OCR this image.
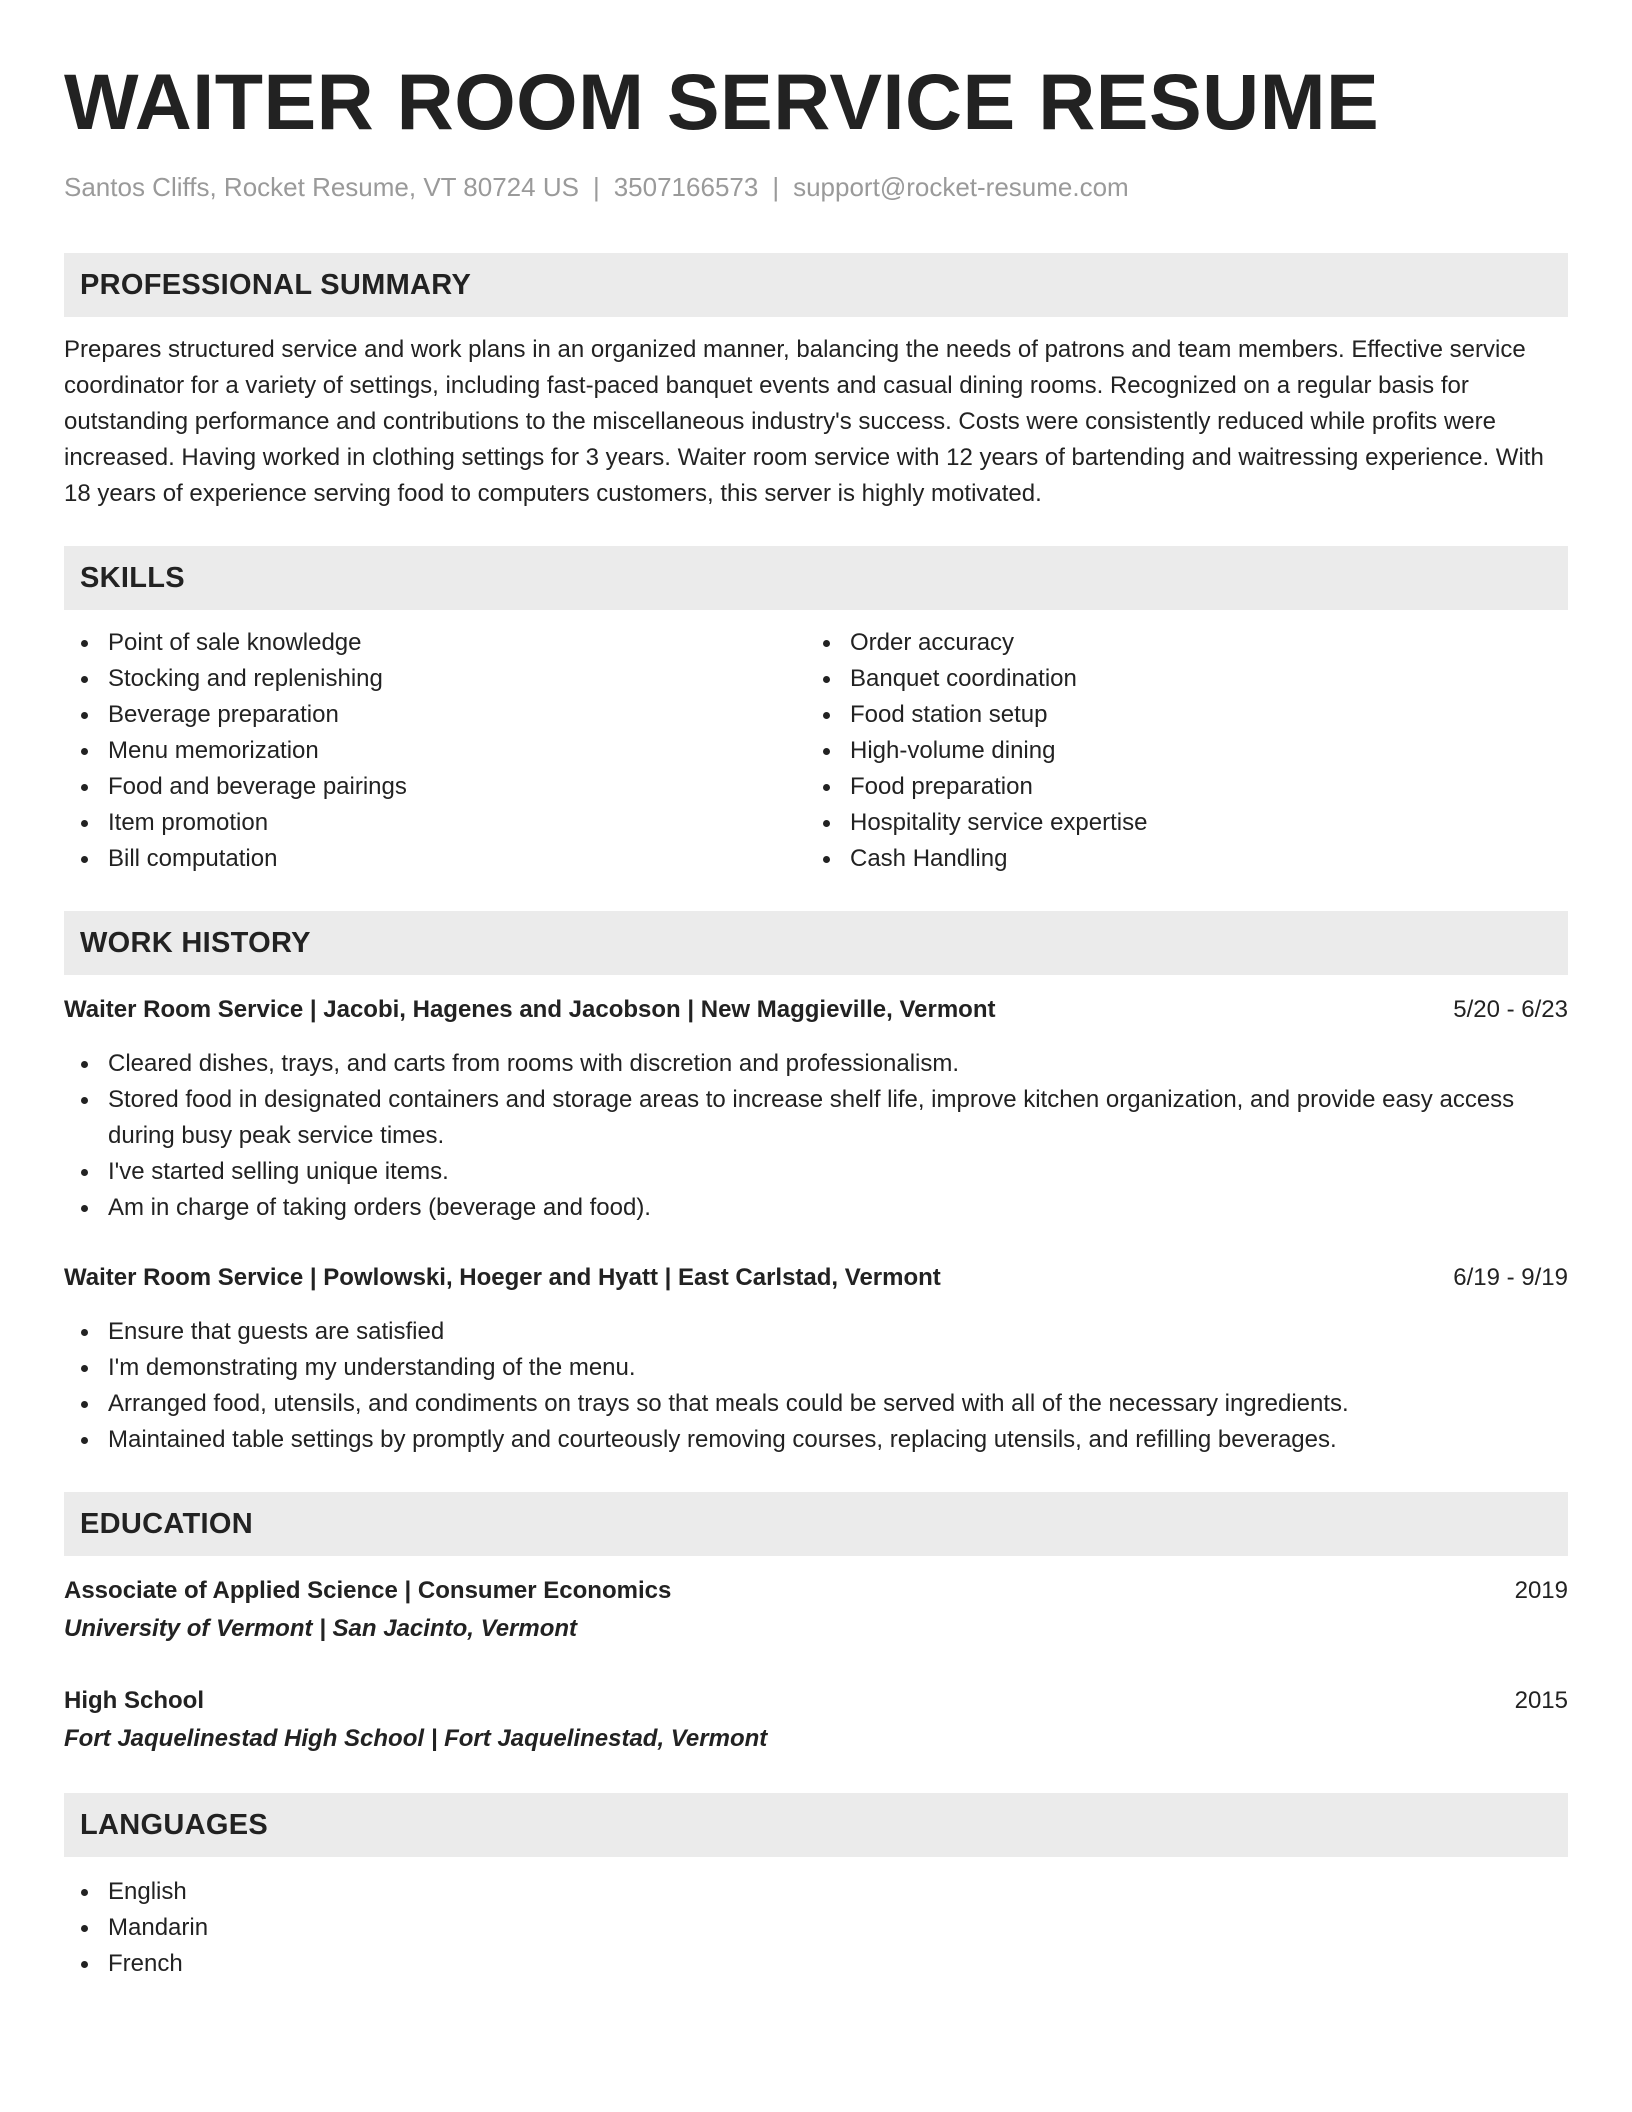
WAITER ROOM SERVICE RESUME
Santos Cliffs, Rocket Resume, VT 80724 US | 3507166573 | support@rocket-resume.com
PROFESSIONAL SUMMARY
Prepares structured service and work plans in an organized manner, balancing the needs of patrons and team members. Effective service coordinator for a variety of settings, including fast-paced banquet events and casual dining rooms. Recognized on a regular basis for outstanding performance and contributions to the miscellaneous industry's success. Costs were consistently reduced while profits were increased. Having worked in clothing settings for 3 years. Waiter room service with 12 years of bartending and waitressing experience. With 18 years of experience serving food to computers customers, this server is highly motivated.
SKILLS
Point of sale knowledge
Stocking and replenishing
Beverage preparation
Menu memorization
Food and beverage pairings
Item promotion
Bill computation
Order accuracy
Banquet coordination
Food station setup
High-volume dining
Food preparation
Hospitality service expertise
Cash Handling
WORK HISTORY
Waiter Room Service | Jacobi, Hagenes and Jacobson | New Maggieville, Vermont	5/20 - 6/23
Cleared dishes, trays, and carts from rooms with discretion and professionalism.
Stored food in designated containers and storage areas to increase shelf life, improve kitchen organization, and provide easy access during busy peak service times.
I've started selling unique items.
Am in charge of taking orders (beverage and food).
Waiter Room Service | Powlowski, Hoeger and Hyatt | East Carlstad, Vermont	6/19 - 9/19
Ensure that guests are satisfied
I'm demonstrating my understanding of the menu.
Arranged food, utensils, and condiments on trays so that meals could be served with all of the necessary ingredients.
Maintained table settings by promptly and courteously removing courses, replacing utensils, and refilling beverages.
EDUCATION
Associate of Applied Science | Consumer Economics	2019
University of Vermont | San Jacinto, Vermont
High School	2015
Fort Jaquelinestad High School | Fort Jaquelinestad, Vermont
LANGUAGES
English
Mandarin
French
